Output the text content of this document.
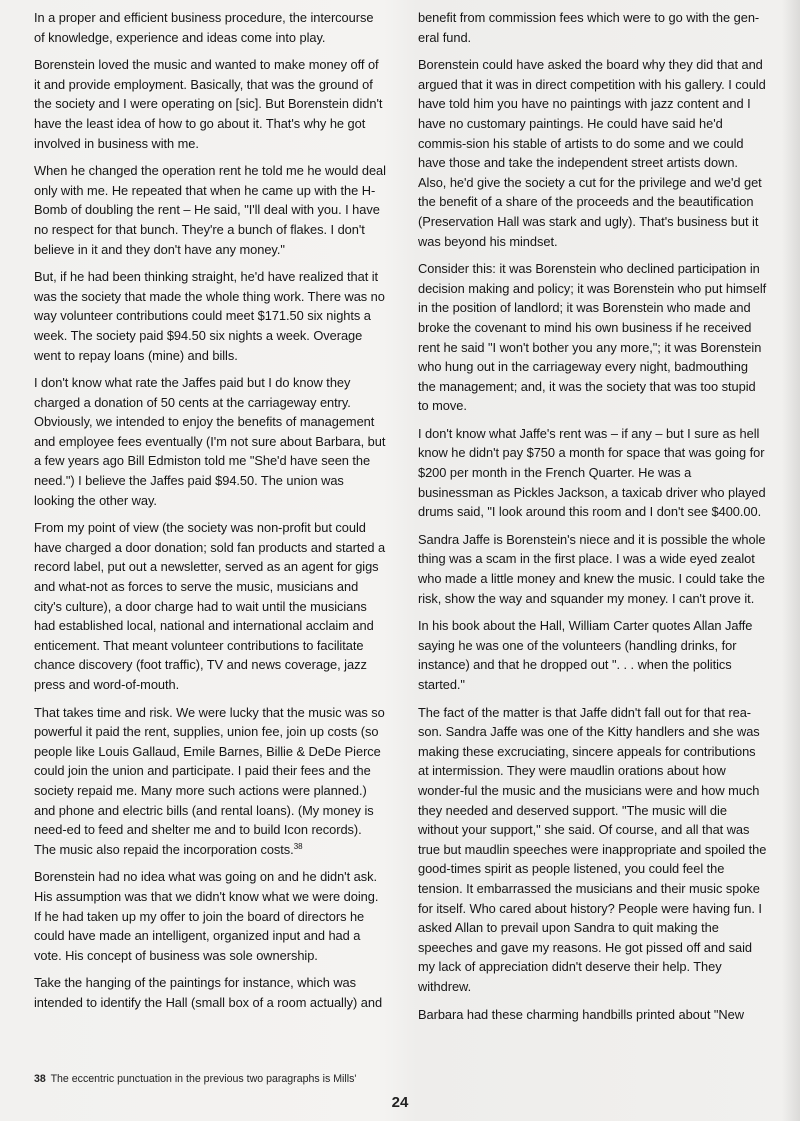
In a proper and efficient business procedure, the intercourse of knowledge, experience and ideas come into play.

Borenstein loved the music and wanted to make money off of it and provide employment. Basically, that was the ground of the society and I were operating on [sic]. But Borenstein didn't have the least idea of how to go about it. That's why he got involved in business with me.

When he changed the operation rent he told me he would deal only with me. He repeated that when he came up with the H-Bomb of doubling the rent – He said, "I'll deal with you. I have no respect for that bunch. They're a bunch of flakes. I don't believe in it and they don't have any money."

But, if he had been thinking straight, he'd have realized that it was the society that made the whole thing work. There was no way volunteer contributions could meet $171.50 six nights a week. The society paid $94.50 six nights a week. Overage went to repay loans (mine) and bills.

I don't know what rate the Jaffes paid but I do know they charged a donation of 50 cents at the carriageway entry. Obviously, we intended to enjoy the benefits of management and employee fees eventually (I'm not sure about Barbara, but a few years ago Bill Edmiston told me "She'd have seen the need.") I believe the Jaffes paid $94.50. The union was looking the other way.

From my point of view (the society was non-profit but could have charged a door donation; sold fan products and started a record label, put out a newsletter, served as an agent for gigs and what-not as forces to serve the music, musicians and city's culture), a door charge had to wait until the musicians had established local, national and international acclaim and enticement. That meant volunteer contributions to facilitate chance discovery (foot traffic), TV and news coverage, jazz press and word-of-mouth.

That takes time and risk. We were lucky that the music was so powerful it paid the rent, supplies, union fee, join up costs (so people like Louis Gallaud, Emile Barnes, Billie & DeDe Pierce could join the union and participate. I paid their fees and the society repaid me. Many more such actions were planned.) and phone and electric bills (and rental loans). (My money is need-ed to feed and shelter me and to build Icon records). The music also repaid the incorporation costs.$^{38}$

Borenstein had no idea what was going on and he didn't ask. His assumption was that we didn't know what we were doing. If he had taken up my offer to join the board of directors he could have made an intelligent, organized input and had a vote. His concept of business was sole ownership.

Take the hanging of the paintings for instance, which was intended to identify the Hall (small box of a room actually) and

benefit from commission fees which were to go with the gen-eral fund.

Borenstein could have asked the board why they did that and argued that it was in direct competition with his gallery. I could have told him you have no paintings with jazz content and I have no customary paintings. He could have said he'd commis-sion his stable of artists to do some and we could have those and take the independent street artists down. Also, he'd give the society a cut for the privilege and we'd get the benefit of a share of the proceeds and the beautification (Preservation Hall was stark and ugly). That's business but it was beyond his mindset.

Consider this: it was Borenstein who declined participation in decision making and policy; it was Borenstein who put himself in the position of landlord; it was Borenstein who made and broke the covenant to mind his own business if he received rent he said "I won't bother you any more,"; it was Borenstein who hung out in the carriageway every night, badmouthing the management; and, it was the society that was too stupid to move.

I don't know what Jaffe's rent was – if any – but I sure as hell know he didn't pay $750 a month for space that was going for $200 per month in the French Quarter. He was a businessman as Pickles Jackson, a taxicab driver who played drums said, "I look around this room and I don't see $400.00.

Sandra Jaffe is Borenstein's niece and it is possible the whole thing was a scam in the first place. I was a wide eyed zealot who made a little money and knew the music. I could take the risk, show the way and squander my money. I can't prove it.

In his book about the Hall, William Carter quotes Allan Jaffe saying he was one of the volunteers (handling drinks, for instance) and that he dropped out ". . . when the politics started."

The fact of the matter is that Jaffe didn't fall out for that rea-son. Sandra Jaffe was one of the Kitty handlers and she was making these excruciating, sincere appeals for contributions at intermission. They were maudlin orations about how wonder-ful the music and the musicians were and how much they needed and deserved support. "The music will die without your support," she said. Of course, and all that was true but maudlin speeches were inappropriate and spoiled the good-times spirit as people listened, you could feel the tension. It embarrassed the musicians and their music spoke for itself. Who cared about history? People were having fun. I asked Allan to prevail upon Sandra to quit making the speeches and gave my reasons. He got pissed off and said my lack of appreciation didn't deserve their help. They withdrew.

Barbara had these charming handbills printed about "New

38 The eccentric punctuation in the previous two paragraphs is Mills'
24
